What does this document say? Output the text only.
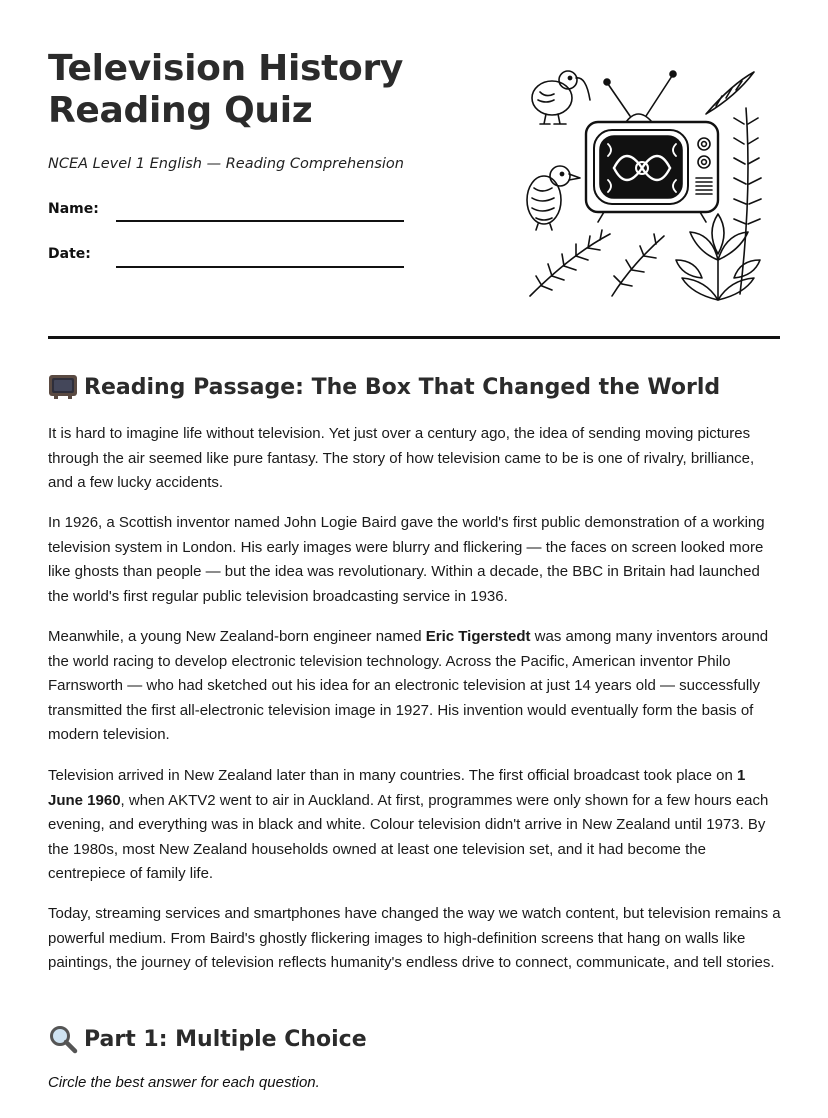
Television History
Reading Quiz

NCEA Level 1 English — Reading Comprehension

Name:
Date:
Reading Passage: The Box That Changed the World

It is hard to imagine life without television. Yet just over a century ago, the idea of sending moving pictures through the air seemed like pure fantasy. The story of how television came to be is one of rivalry, brilliance, and a few lucky accidents.

In 1926, a Scottish inventor named John Logie Baird gave the world's first public demonstration of a working television system in London. His early images were blurry and flickering — the faces on screen looked more like ghosts than people — but the idea was revolutionary. Within a decade, the BBC in Britain had launched the world's first regular public television broadcasting service in 1936.

Meanwhile, a young New Zealand-born engineer named Eric Tigerstedt was among many inventors around the world racing to develop electronic television technology. Across the Pacific, American inventor Philo Farnsworth — who had sketched out his idea for an electronic television at just 14 years old — successfully transmitted the first all-electronic television image in 1927. His invention would eventually form the basis of modern television.

Television arrived in New Zealand later than in many countries. The first official broadcast took place on 1 June 1960, when AKTV2 went to air in Auckland. At first, programmes were only shown for a few hours each evening, and everything was in black and white. Colour television didn't arrive in New Zealand until 1973. By the 1980s, most New Zealand households owned at least one television set, and it had become the centrepiece of family life.

Today, streaming services and smartphones have changed the way we watch content, but television remains a powerful medium. From Baird's ghostly flickering images to high-definition screens that hang on walls like paintings, the journey of television reflects humanity's endless drive to connect, communicate, and tell stories.

Part 1: Multiple Choice

Circle the best answer for each question.
